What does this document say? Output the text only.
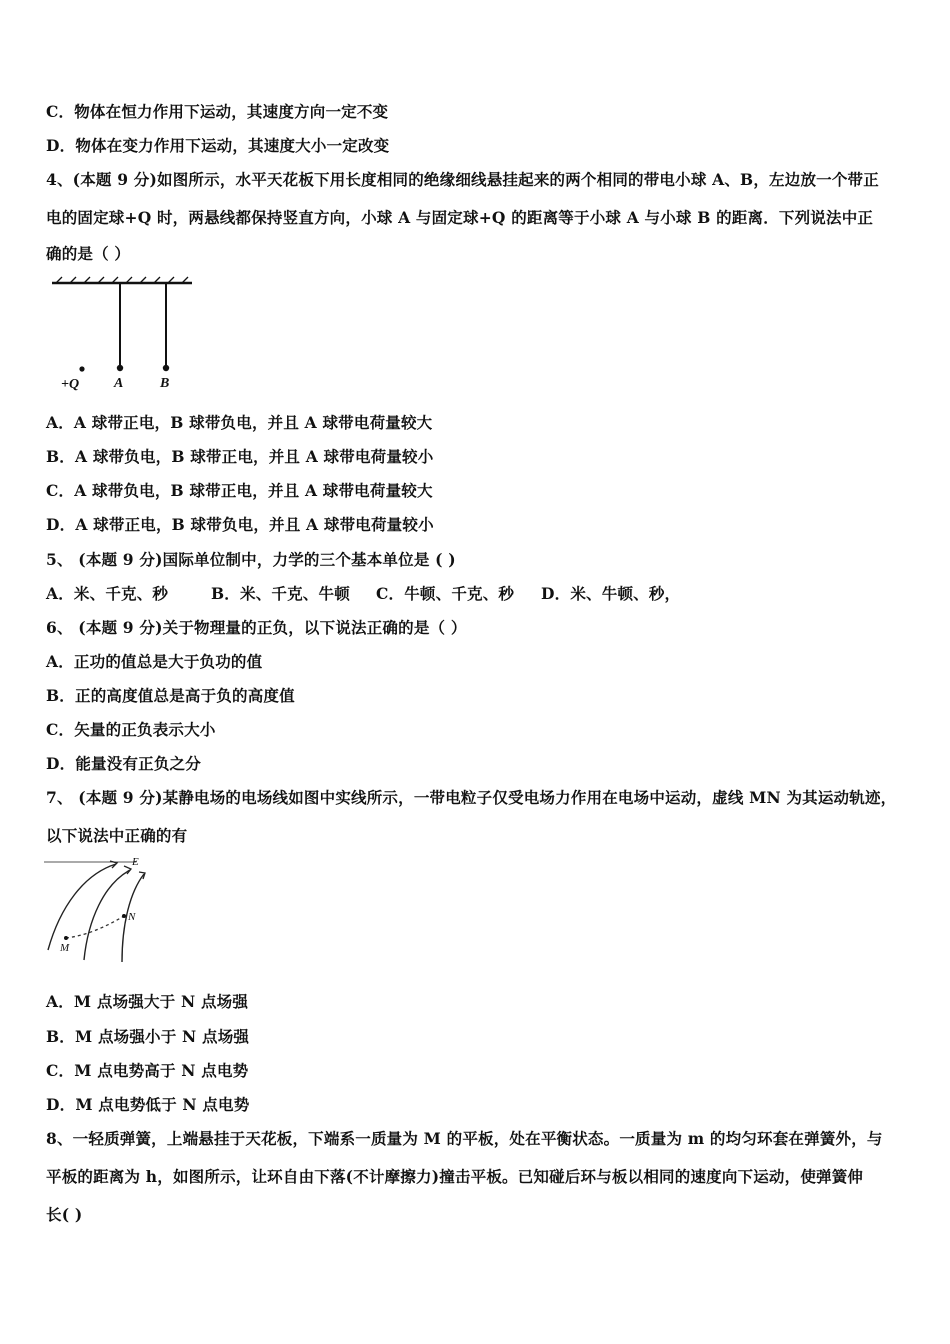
C．物体在恒力作用下运动，其速度方向一定不变
D．物体在变力作用下运动，其速度大小一定改变
4、(本题 9 分)如图所示，水平天花板下用长度相同的绝缘细线悬挂起来的两个相同的带电小球 A、B，左边放一个带正
电的固定球+Q 时，两悬线都保持竖直方向，小球 A 与固定球+Q 的距离等于小球 A 与小球 B 的距离．下列说法中正
确的是（ ）
+Q A	B
A．A 球带正电，B 球带负电，并且 A 球带电荷量较大
B．A 球带负电，B 球带正电，并且 A 球带电荷量较小
C．A 球带负电，B 球带正电，并且 A 球带电荷量较大
D．A 球带正电，B 球带负电，并且 A 球带电荷量较小
5、 (本题 9 分)国际单位制中，力学的三个基本单位是 ( )
A．米、千克、秒	B．米、千克、牛顿 C．牛顿、千克、秒 D．米、牛顿、秒，
6、 (本题 9 分)关于物理量的正负，以下说法正确的是（ ）
A．正功的值总是大于负功的值
B．正的高度值总是高于负的高度值
C．矢量的正负表示大小
D．能量没有正负之分
7、 (本题 9 分)某静电场的电场线如图中实线所示，一带电粒子仅受电场力作用在电场中运动，虚线 MN 为其运动轨迹，
以下说法中正确的有
E
M
N
A．M 点场强大于 N 点场强
B．M 点场强小于 N 点场强
C．M 点电势高于 N 点电势
D．M 点电势低于 N 点电势
8、一轻质弹簧，上端悬挂于天花板，下端系一质量为 M 的平板，处在平衡状态。一质量为 m 的均匀环套在弹簧外，与
平板的距离为 h，如图所示，让环自由下落(不计摩擦力)撞击平板。已知碰后环与板以相同的速度向下运动，使弹簧伸
长( )
